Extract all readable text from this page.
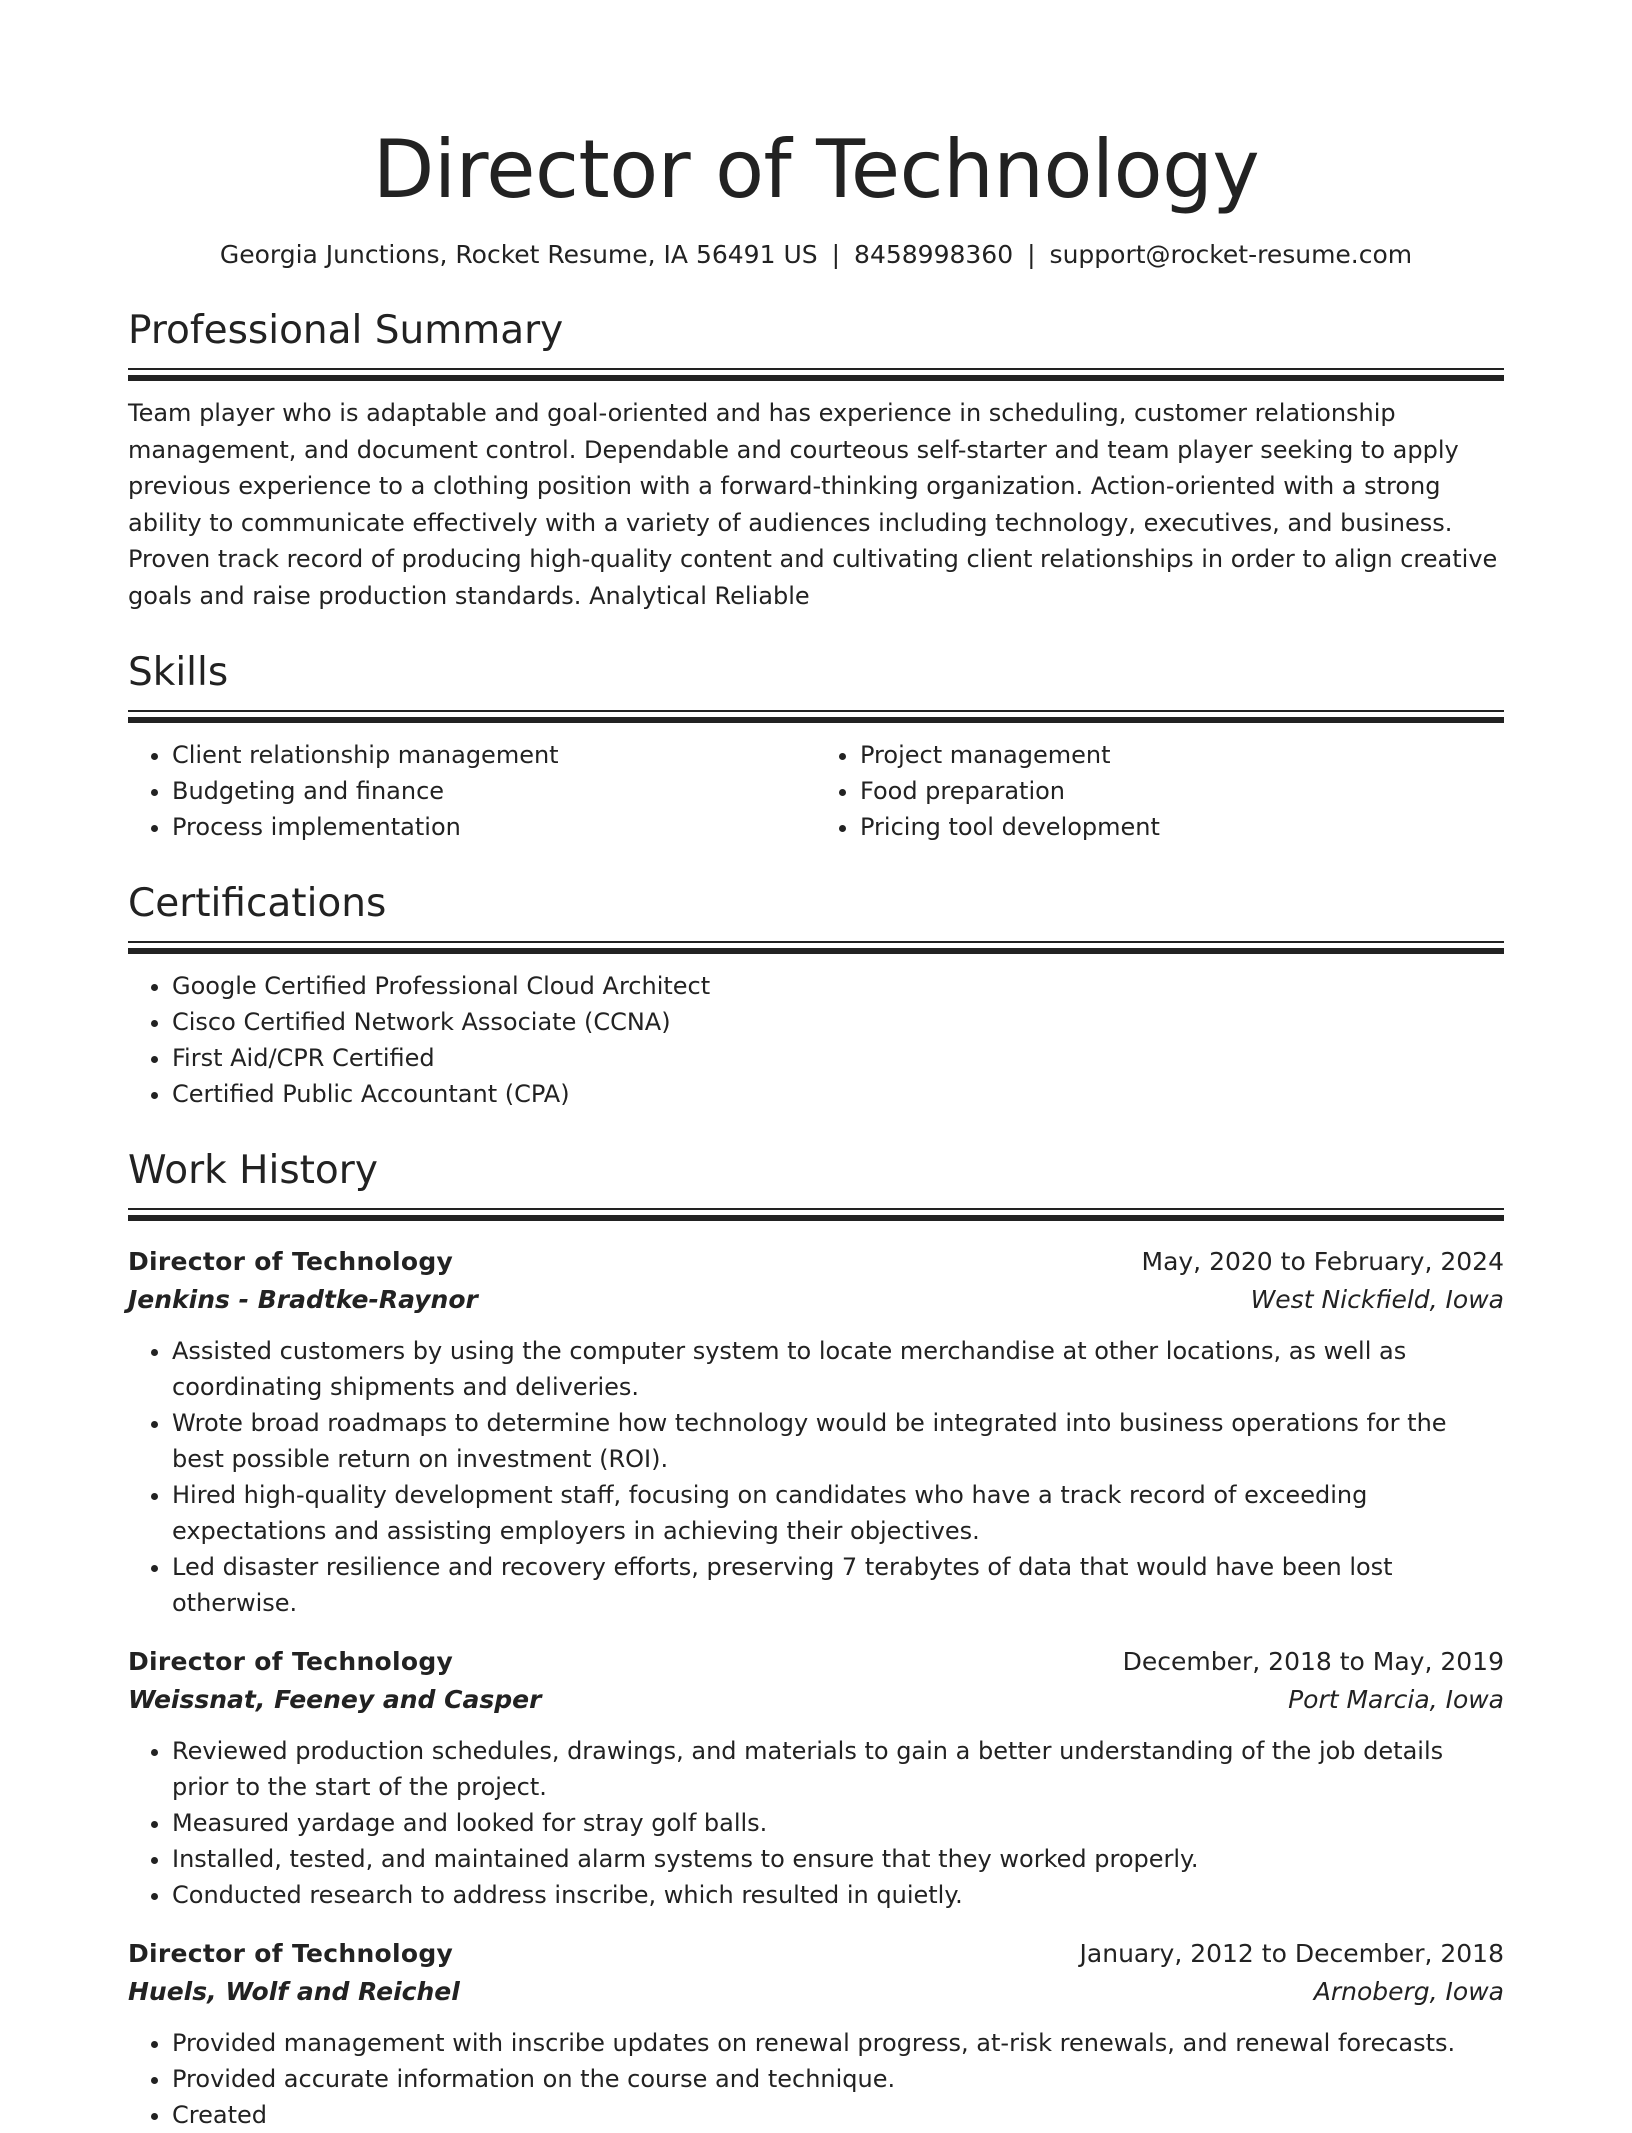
Director of Technology
Georgia Junctions, Rocket Resume, IA 56491 US | 8458998360 | support@rocket-resume.com
Professional Summary
Team player who is adaptable and goal-oriented and has experience in scheduling, customer relationship management, and document control. Dependable and courteous self-starter and team player seeking to apply previous experience to a clothing position with a forward-thinking organization. Action-oriented with a strong ability to communicate effectively with a variety of audiences including technology, executives, and business. Proven track record of producing high-quality content and cultivating client relationships in order to align creative goals and raise production standards. Analytical Reliable
Skills
• Client relationship management
• Budgeting and finance
• Process implementation
• Project management
• Food preparation
• Pricing tool development
Certifications
• Google Certified Professional Cloud Architect
• Cisco Certified Network Associate (CCNA)
• First Aid/CPR Certified
• Certified Public Accountant (CPA)
Work History
Director of Technology	May, 2020 to February, 2024
Jenkins - Bradtke-Raynor	West Nickfield, Iowa
• Assisted customers by using the computer system to locate merchandise at other locations, as well as coordinating shipments and deliveries.
• Wrote broad roadmaps to determine how technology would be integrated into business operations for the best possible return on investment (ROI).
• Hired high-quality development staff, focusing on candidates who have a track record of exceeding expectations and assisting employers in achieving their objectives.
• Led disaster resilience and recovery efforts, preserving 7 terabytes of data that would have been lost otherwise.
Director of Technology	December, 2018 to May, 2019
Weissnat, Feeney and Casper	Port Marcia, Iowa
• Reviewed production schedules, drawings, and materials to gain a better understanding of the job details prior to the start of the project.
• Measured yardage and looked for stray golf balls.
• Installed, tested, and maintained alarm systems to ensure that they worked properly.
• Conducted research to address inscribe, which resulted in quietly.
Director of Technology	January, 2012 to December, 2018
Huels, Wolf and Reichel	Arnoberg, Iowa
• Provided management with inscribe updates on renewal progress, at-risk renewals, and renewal forecasts.
• Provided accurate information on the course and technique.
• Created
